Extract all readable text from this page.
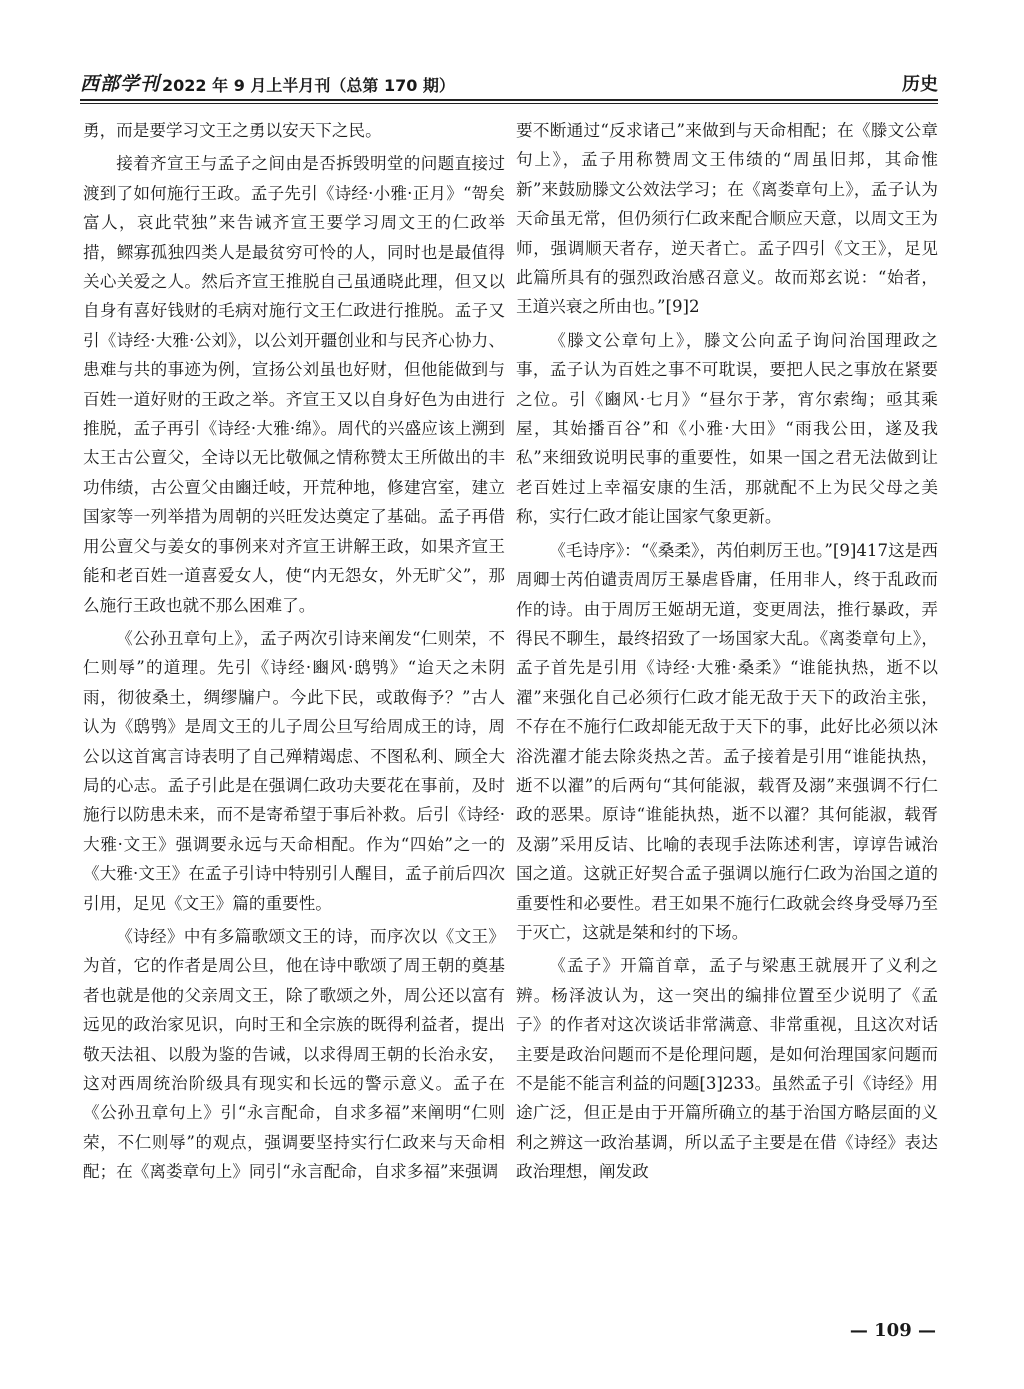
西部学刊 2022 年 9 月上半月刊（总第 170 期）	历史

勇，而是要学习文王之勇以安天下之民。

接着齐宣王与孟子之间由是否拆毁明堂的问题直接过渡到了如何施行王政。孟子先引《诗经·小雅·正月》“哿矣富人，哀此茕独”来告诫齐宣王要学习周文王的仁政举措，鳏寡孤独四类人是最贫穷可怜的人，同时也是最值得关心关爱之人。然后齐宣王推脱自己虽通晓此理，但又以自身有喜好钱财的毛病对施行文王仁政进行推脱。孟子又引《诗经·大雅·公刘》，以公刘开疆创业和与民齐心协力、患难与共的事迹为例，宣扬公刘虽也好财，但他能做到与百姓一道好财的王政之举。齐宣王又以自身好色为由进行推脱，孟子再引《诗经·大雅·绵》。周代的兴盛应该上溯到太王古公亶父，全诗以无比敬佩之情称赞太王所做出的丰功伟绩，古公亶父由豳迁岐，开荒种地，修建宫室，建立国家等一列举措为周朝的兴旺发达奠定了基础。孟子再借用公亶父与姜女的事例来对齐宣王讲解王政，如果齐宣王能和老百姓一道喜爱女人，使“内无怨女，外无旷父”，那么施行王政也就不那么困难了。

《公孙丑章句上》，孟子两次引诗来阐发“仁则荣，不仁则辱”的道理。先引《诗经·豳风·鸱鸮》“迨天之未阴雨，彻彼桑土，绸缪牖户。今此下民，或敢侮予？”古人认为《鸱鸮》是周文王的儿子周公旦写给周成王的诗，周公以这首寓言诗表明了自己殚精竭虑、不图私利、顾全大局的心志。孟子引此是在强调仁政功夫要花在事前，及时施行以防患未来，而不是寄希望于事后补救。后引《诗经·大雅·文王》强调要永远与天命相配。作为“四始”之一的《大雅·文王》在孟子引诗中特别引人醒目，孟子前后四次引用，足见《文王》篇的重要性。

《诗经》中有多篇歌颂文王的诗，而序次以《文王》为首，它的作者是周公旦，他在诗中歌颂了周王朝的奠基者也就是他的父亲周文王，除了歌颂之外，周公还以富有远见的政治家见识，向时王和全宗族的既得利益者，提出敬天法祖、以殷为鉴的告诫，以求得周王朝的长治永安，这对西周统治阶级具有现实和长远的警示意义。孟子在《公孙丑章句上》引“永言配命，自求多福”来阐明“仁则荣，不仁则辱”的观点，强调要坚持实行仁政来与天命相配；在《离娄章句上》同引“永言配命，自求多福”来强调

要不断通过“反求诸己”来做到与天命相配；在《滕文公章句上》，孟子用称赞周文王伟绩的“周虽旧邦，其命惟新”来鼓励滕文公效法学习；在《离娄章句上》，孟子认为天命虽无常，但仍须行仁政来配合顺应天意，以周文王为师，强调顺天者存，逆天者亡。孟子四引《文王》，足见此篇所具有的强烈政治感召意义。故而郑玄说：“始者，王道兴衰之所由也。”[9]2

《滕文公章句上》，滕文公向孟子询问治国理政之事，孟子认为百姓之事不可耽误，要把人民之事放在紧要之位。引《豳风·七月》“昼尔于茅，宵尔索绹；亟其乘屋，其始播百谷”和《小雅·大田》“雨我公田，遂及我私”来细致说明民事的重要性，如果一国之君无法做到让老百姓过上幸福安康的生活，那就配不上为民父母之美称，实行仁政才能让国家气象更新。

《毛诗序》：“《桑柔》，芮伯刺厉王也。”[9]417这是西周卿士芮伯谴责周厉王暴虐昏庸，任用非人，终于乱政而作的诗。由于周厉王姬胡无道，变更周法，推行暴政，弄得民不聊生，最终招致了一场国家大乱。《离娄章句上》，孟子首先是引用《诗经·大雅·桑柔》“谁能执热，逝不以濯”来强化自己必须行仁政才能无敌于天下的政治主张，不存在不施行仁政却能无敌于天下的事，此好比必须以沐浴洗濯才能去除炎热之苦。孟子接着是引用“谁能执热，逝不以濯”的后两句“其何能淑，载胥及溺”来强调不行仁政的恶果。原诗“谁能执热，逝不以濯？其何能淑，载胥及溺”采用反诘、比喻的表现手法陈述利害，谆谆告诫治国之道。这就正好契合孟子强调以施行仁政为治国之道的重要性和必要性。君王如果不施行仁政就会终身受辱乃至于灭亡，这就是桀和纣的下场。

《孟子》开篇首章，孟子与梁惠王就展开了义利之辨。杨泽波认为，这一突出的编排位置至少说明了《孟子》的作者对这次谈话非常满意、非常重视，且这次对话主要是政治问题而不是伦理问题，是如何治理国家问题而不是能不能言利益的问题[3]233。虽然孟子引《诗经》用途广泛，但正是由于开篇所确立的基于治国方略层面的义利之辨这一政治基调，所以孟子主要是在借《诗经》表达政治理想，阐发政

— 109 —
